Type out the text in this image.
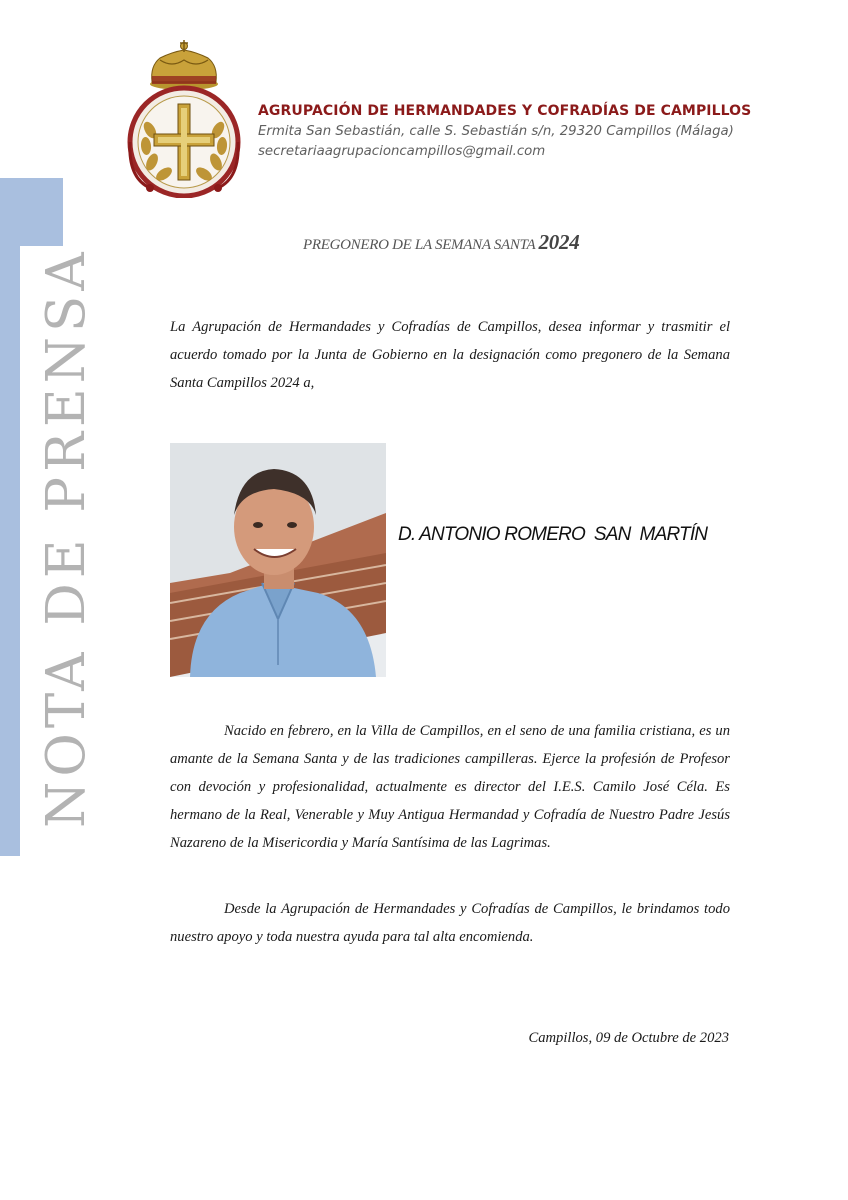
NOTA DE PRENSA
AGRUPACIÓN DE HERMANDADES Y COFRADÍAS DE CAMPILLOS
Ermita San Sebastián, calle S. Sebastián s/n, 29320 Campillos (Málaga)
secretariaagrupacioncampillos@gmail.com
PREGONERO DE LA SEMANA SANTA 2024
La Agrupación de Hermandades y Cofradías de Campillos, desea informar y trasmitir el acuerdo tomado por la Junta de Gobierno en la designación como pregonero de la Semana Santa Campillos 2024 a,
D. ANTONIO ROMERO  SAN  MARTÍN
Nacido en febrero, en la Villa de Campillos, en el seno de una familia cristiana, es un amante de la Semana Santa y de las tradiciones campilleras. Ejerce la profesión de Profesor con devoción y profesionalidad, actualmente es director del I.E.S. Camilo José Céla. Es hermano de la Real, Venerable y Muy Antigua Hermandad y Cofradía de Nuestro Padre Jesús Nazareno de la Misericordia y María Santísima de las Lagrimas.
Desde la Agrupación de Hermandades y Cofradías de Campillos, le brindamos todo nuestro apoyo y toda nuestra ayuda para tal alta encomienda.
Campillos, 09 de Octubre de 2023
